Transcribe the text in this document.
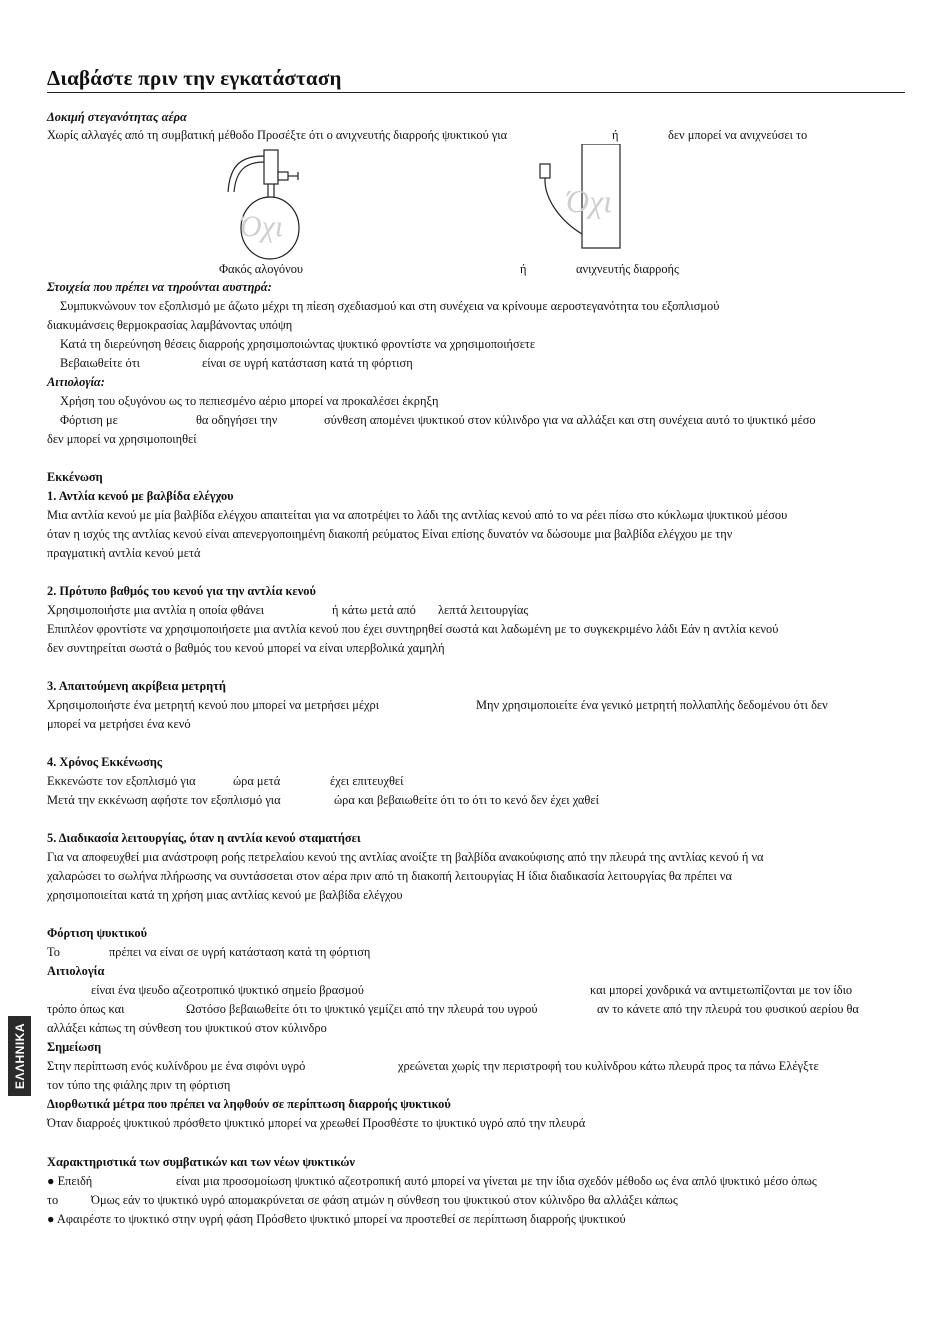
Διαβάστε πριν την εγκατάσταση
Δοκιμή στεγανότητας αέρα
Χωρίς αλλαγές από τη συμβατική μέθοδο Προσέξτε ότι ο ανιχνευτής διαρροής ψυκτικού για	ή	δεν μπορεί να ανιχνεύσει το
Όχι
Όχι
Φακός αλογόνου	ή	ανιχνευτής διαρροής
Στοιχεία που πρέπει να τηρούνται αυστηρά:
Συμπυκνώνουν τον εξοπλισμό με άζωτο μέχρι τη πίεση σχεδιασμού και στη συνέχεια να κρίνουμε αεροστεγανότητα του εξοπλισμού
διακυμάνσεις θερμοκρασίας λαμβάνοντας υπόψη
Κατά τη διερεύνηση θέσεις διαρροής χρησιμοποιώντας ψυκτικό φροντίστε να χρησιμοποιήσετε
Βεβαιωθείτε ότι	είναι σε υγρή κατάσταση κατά τη φόρτιση
Αιτιολογία:
Χρήση του οξυγόνου ως το πεπιεσμένο αέριο μπορεί να προκαλέσει έκρηξη
Φόρτιση με	θα οδηγήσει την	σύνθεση απομένει ψυκτικού στον κύλινδρο για να αλλάξει και στη συνέχεια αυτό το ψυκτικό μέσο
δεν μπορεί να χρησιμοποιηθεί
Εκκένωση
1. Αντλία κενού με βαλβίδα ελέγχου
Μια αντλία κενού με μία βαλβίδα ελέγχου απαιτείται για να αποτρέψει το λάδι της αντλίας κενού από το να ρέει πίσω στο κύκλωμα ψυκτικού μέσου
όταν η ισχύς της αντλίας κενού είναι απενεργοποιημένη διακοπή ρεύματος Είναι επίσης δυνατόν να δώσουμε μια βαλβίδα ελέγχου με την
πραγματική αντλία κενού μετά
2. Πρότυπο βαθμός του κενού για την αντλία κενού
Χρησιμοποιήστε μια αντλία η οποία φθάνει	ή κάτω μετά από λεπτά λειτουργίας
Επιπλέον φροντίστε να χρησιμοποιήσετε μια αντλία κενού που έχει συντηρηθεί σωστά και λαδωμένη με το συγκεκριμένο λάδι Εάν η αντλία κενού
δεν συντηρείται σωστά ο βαθμός του κενού μπορεί να είναι υπερβολικά χαμηλή
3. Απαιτούμενη ακρίβεια μετρητή
Χρησιμοποιήστε ένα μετρητή κενού που μπορεί να μετρήσει μέχρι	Μην χρησιμοποιείτε ένα γενικό μετρητή πολλαπλής δεδομένου ότι δεν
μπορεί να μετρήσει ένα κενό
4. Χρόνος Εκκένωσης
Εκκενώστε τον εξοπλισμό για	ώρα μετά	έχει επιτευχθεί
Μετά την εκκένωση αφήστε τον εξοπλισμό για	ώρα και βεβαιωθείτε ότι το ότι το κενό δεν έχει χαθεί
5. Διαδικασία λειτουργίας, όταν η αντλία κενού σταματήσει
Για να αποφευχθεί μια ανάστροφη ροής πετρελαίου κενού της αντλίας ανοίξτε τη βαλβίδα ανακούφισης από την πλευρά της αντλίας κενού ή να
χαλαρώσει το σωλήνα πλήρωσης να συντάσσεται στον αέρα πριν από τη διακοπή λειτουργίας Η ίδια διαδικασία λειτουργίας θα πρέπει να
χρησιμοποιείται κατά τη χρήση μιας αντλίας κενού με βαλβίδα ελέγχου
Φόρτιση ψυκτικού
Το	πρέπει να είναι σε υγρή κατάσταση κατά τη φόρτιση
Αιτιολογία
είναι ένα ψευδο αζεοτροπικό ψυκτικό σημείο βρασμού	και μπορεί χονδρικά να αντιμετωπίζονται με τον ίδιο
τρόπο όπως και	Ωστόσο βεβαιωθείτε ότι το ψυκτικό γεμίζει από την πλευρά του υγρού	αν το κάνετε από την πλευρά του φυσικού αερίου θα
αλλάξει κάπως τη σύνθεση του ψυκτικού στον κύλινδρο
Σημείωση
Στην περίπτωση ενός κυλίνδρου με ένα σιφόνι υγρό	χρεώνεται χωρίς την περιστροφή του κυλίνδρου κάτω πλευρά προς τα πάνω Ελέγξτε
τον τύπο της φιάλης πριν τη φόρτιση
Διορθωτικά μέτρα που πρέπει να ληφθούν σε περίπτωση διαρροής ψυκτικού
Όταν διαρροές ψυκτικού πρόσθετο ψυκτικό μπορεί να χρεωθεί Προσθέστε το ψυκτικό υγρό από την πλευρά
Χαρακτηριστικά των συμβατικών και των νέων ψυκτικών
● Επειδή	είναι μια προσομοίωση ψυκτικό αζεοτροπική αυτό μπορεί να γίνεται με την ίδια σχεδόν μέθοδο ως ένα απλό ψυκτικό μέσο όπως
το	Όμως εάν το ψυκτικό υγρό απομακρύνεται σε φάση ατμών η σύνθεση του ψυκτικού στον κύλινδρο θα αλλάξει κάπως
● Αφαιρέστε το ψυκτικό στην υγρή φάση Πρόσθετο ψυκτικό μπορεί να προστεθεί σε περίπτωση διαρροής ψυκτικού
ΕΛΛΗΝΙΚΑ
